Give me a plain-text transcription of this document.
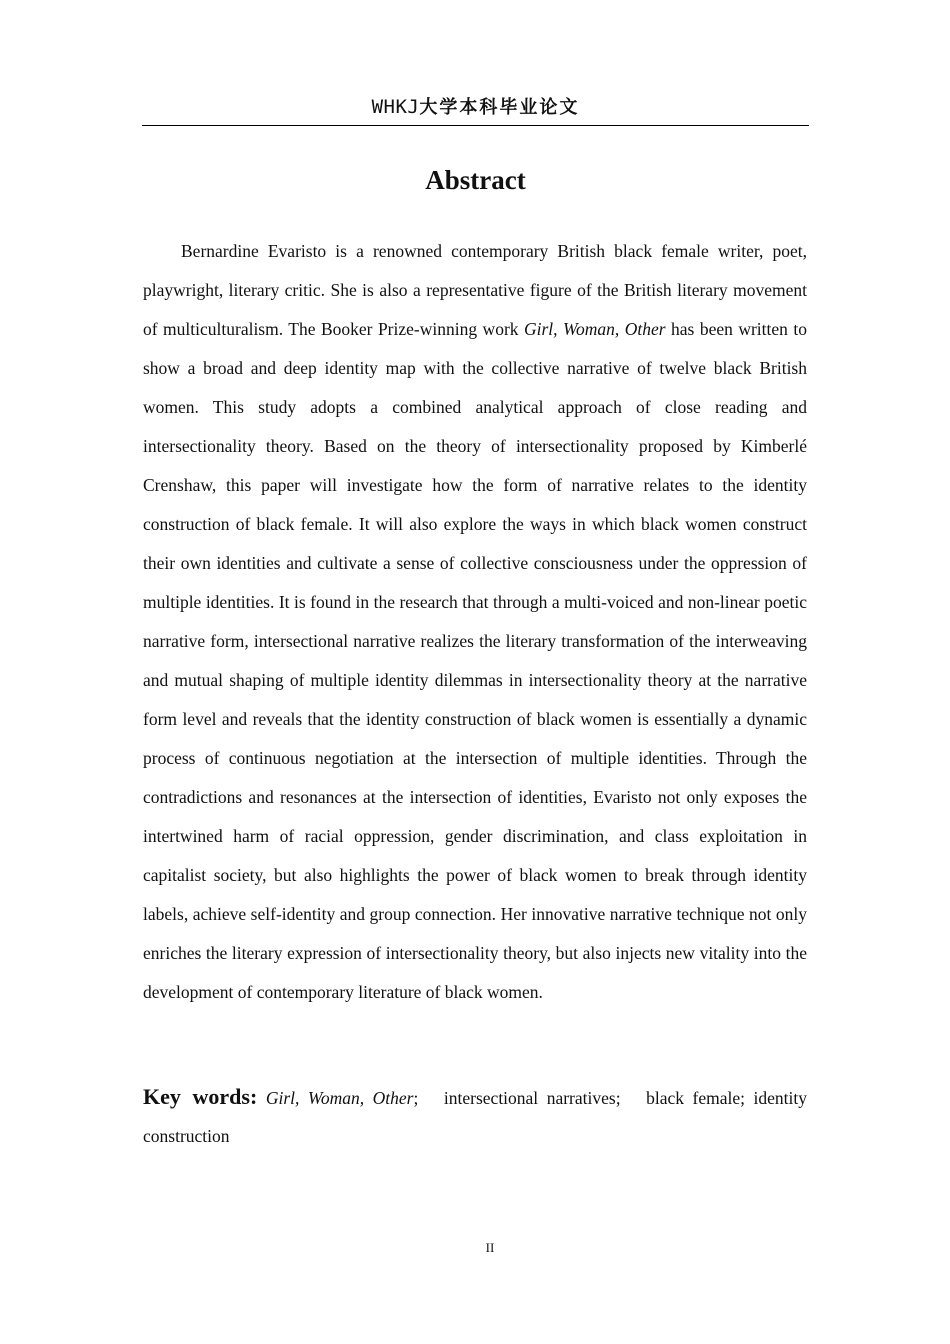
WHKJ大学本科毕业论文
Abstract

Bernardine Evaristo is a renowned contemporary British black female writer, poet, playwright, literary critic. She is also a representative figure of the British literary movement of multiculturalism. The Booker Prize-winning work Girl, Woman, Other has been written to show a broad and deep identity map with the collective narrative of twelve black British women. This study adopts a combined analytical approach of close reading and intersectionality theory. Based on the theory of intersectionality proposed by Kimberlé Crenshaw, this paper will investigate how the form of narrative relates to the identity construction of black female. It will also explore the ways in which black women construct their own identities and cultivate a sense of collective consciousness under the oppression of multiple identities. It is found in the research that through a multi-voiced and non-linear poetic narrative form, intersectional narrative realizes the literary transformation of the interweaving and mutual shaping of multiple identity dilemmas in intersectionality theory at the narrative form level and reveals that the identity construction of black women is essentially a dynamic process of continuous negotiation at the intersection of multiple identities. Through the contradictions and resonances at the intersection of identities, Evaristo not only exposes the intertwined harm of racial oppression, gender discrimination, and class exploitation in capitalist society, but also highlights the power of black women to break through identity labels, achieve self-identity and group connection. Her innovative narrative technique not only enriches the literary expression of intersectionality theory, but also injects new vitality into the development of contemporary literature of black women.

Key words: Girl, Woman, Other;   intersectional narratives;   black female; identity construction

II
